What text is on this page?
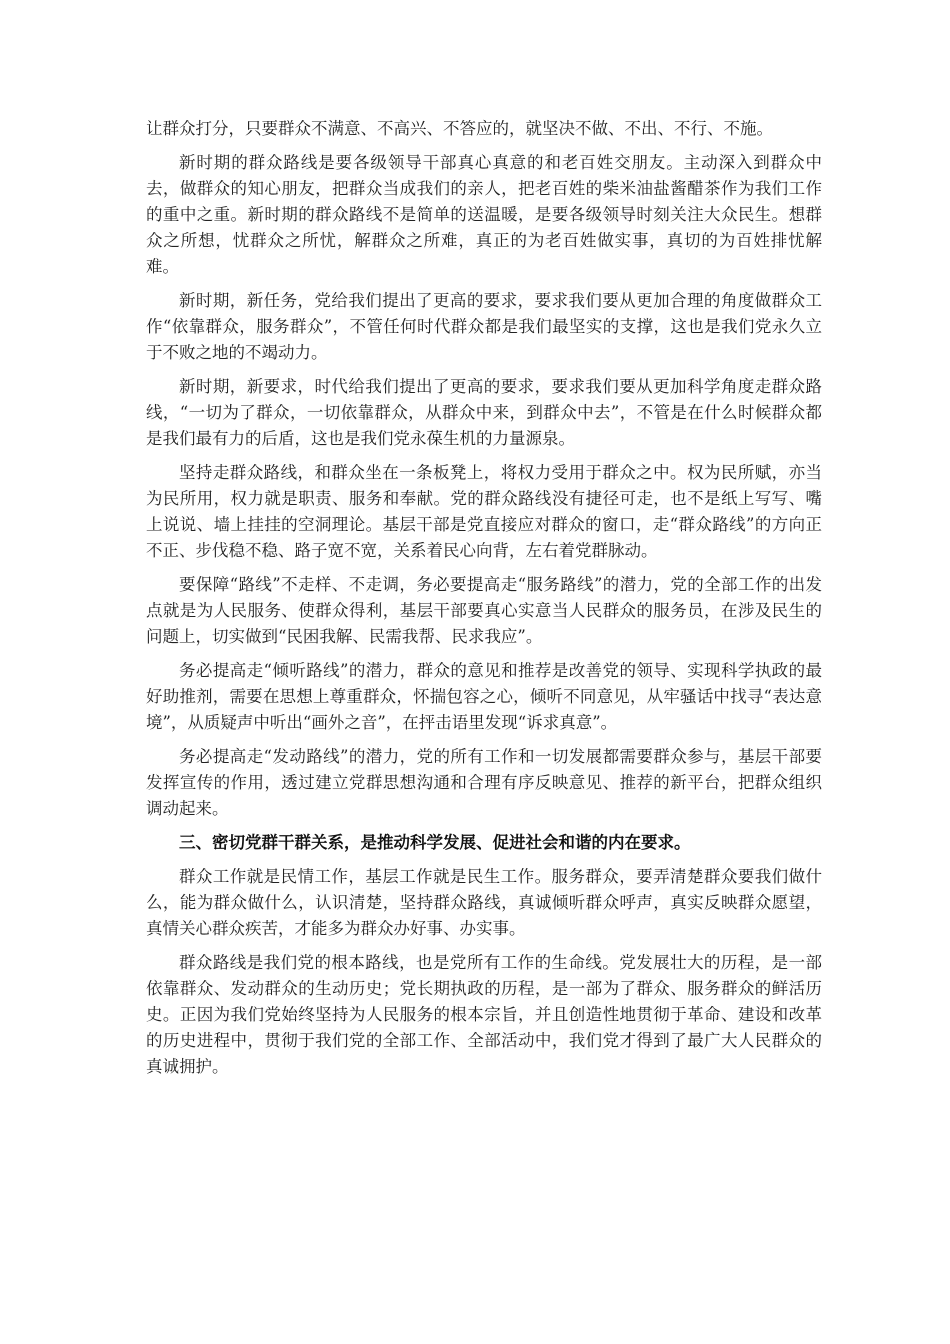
让群众打分，只要群众不满意、不高兴、不答应的，就坚决不做、不出、不行、不施。

新时期的群众路线是要各级领导干部真心真意的和老百姓交朋友。主动深入到群众中去，做群众的知心朋友，把群众当成我们的亲人，把老百姓的柴米油盐酱醋茶作为我们工作的重中之重。新时期的群众路线不是简单的送温暖，是要各级领导时刻关注大众民生。想群众之所想，忧群众之所忧，解群众之所难，真正的为老百姓做实事，真切的为百姓排忧解难。

新时期，新任务，党给我们提出了更高的要求，要求我们要从更加合理的角度做群众工作“依靠群众，服务群众”，不管任何时代群众都是我们最坚实的支撑，这也是我们党永久立于不败之地的不竭动力。

新时期，新要求，时代给我们提出了更高的要求，要求我们要从更加科学角度走群众路线，“一切为了群众，一切依靠群众，从群众中来，到群众中去”，不管是在什么时候群众都是我们最有力的后盾，这也是我们党永葆生机的力量源泉。

坚持走群众路线，和群众坐在一条板凳上，将权力受用于群众之中。权为民所赋，亦当为民所用，权力就是职责、服务和奉献。党的群众路线没有捷径可走，也不是纸上写写、嘴上说说、墙上挂挂的空洞理论。基层干部是党直接应对群众的窗口，走“群众路线”的方向正不正、步伐稳不稳、路子宽不宽，关系着民心向背，左右着党群脉动。

要保障“路线”不走样、不走调，务必要提高走“服务路线”的潜力，党的全部工作的出发点就是为人民服务、使群众得利，基层干部要真心实意当人民群众的服务员，在涉及民生的问题上，切实做到“民困我解、民需我帮、民求我应”。

务必提高走“倾听路线”的潜力，群众的意见和推荐是改善党的领导、实现科学执政的最好助推剂，需要在思想上尊重群众，怀揣包容之心，倾听不同意见，从牢骚话中找寻“表达意境”，从质疑声中听出“画外之音”，在抨击语里发现“诉求真意”。

务必提高走“发动路线”的潜力，党的所有工作和一切发展都需要群众参与，基层干部要发挥宣传的作用，透过建立党群思想沟通和合理有序反映意见、推荐的新平台，把群众组织调动起来。

三、密切党群干群关系，是推动科学发展、促进社会和谐的内在要求。

群众工作就是民情工作，基层工作就是民生工作。服务群众，要弄清楚群众要我们做什么，能为群众做什么，认识清楚，坚持群众路线，真诚倾听群众呼声，真实反映群众愿望，真情关心群众疾苦，才能多为群众办好事、办实事。

群众路线是我们党的根本路线，也是党所有工作的生命线。党发展壮大的历程，是一部依靠群众、发动群众的生动历史；党长期执政的历程，是一部为了群众、服务群众的鲜活历史。正因为我们党始终坚持为人民服务的根本宗旨，并且创造性地贯彻于革命、建设和改革的历史进程中，贯彻于我们党的全部工作、全部活动中，我们党才得到了最广大人民群众的真诚拥护。
